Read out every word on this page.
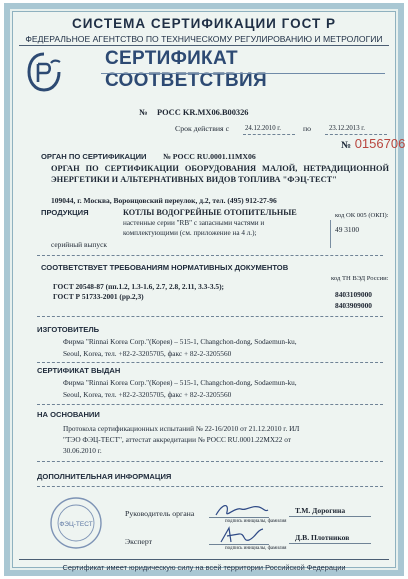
СИСТЕМА СЕРТИФИКАЦИИ ГОСТ Р
ФЕДЕРАЛЬНОЕ АГЕНТСТВО ПО ТЕХНИЧЕСКОМУ РЕГУЛИРОВАНИЮ И МЕТРОЛОГИИ
СЕРТИФИКАТ СООТВЕТСТВИЯ
№ РОСС KR.МХ06.В00326
Срок действия с 24.12.2010 г.	по	23.12.2013 г.
№ 0156706
ОРГАН ПО СЕРТИФИКАЦИИ № РОСС RU.0001.11МХ06
ОРГАН ПО СЕРТИФИКАЦИИ ОБОРУДОВАНИЯ МАЛОЙ, НЕТРАДИЦИОННОЙ ЭНЕРГЕТИКИ И АЛЬТЕРНАТИВНЫХ ВИДОВ ТОПЛИВА "ФЭЦ-ТЕСТ"
109044, г. Москва, Воронцовский переулок, д.2, тел. (495) 912-27-96
ПРОДУКЦИЯ	КОТЛЫ ВОДОГРЕЙНЫЕ ОТОПИТЕЛЬНЫЕ
настенные серии "RB" с запасными частями и комплектующими (см. приложение на 4 л.);
серийный выпуск
код ОК 005 (ОКП):
49 3100
СООТВЕТСТВУЕТ ТРЕБОВАНИЯМ НОРМАТИВНЫХ ДОКУМЕНТОВ
код ТН ВЭД России:
ГОСТ 20548-87 (пп.1.2, 1.3-1.6, 2.7, 2.8, 2.11, 3.3-3.5);
ГОСТ Р 51733-2001 (рр.2,3)	8403109000
8403909000
ИЗГОТОВИТЕЛЬ
Фирма "Rinnai Korea Corp."(Корея) – 515-1, Changchon-dong, Sodaemun-ku,
Seoul, Korea, тел. +82-2-3205705, факс + 82-2-3205560
СЕРТИФИКАТ ВЫДАН
Фирма "Rinnai Korea Corp."(Корея) – 515-1, Changchon-dong, Sodaemun-ku,
Seoul, Korea, тел. +82-2-3205705, факс + 82-2-3205560
НА ОСНОВАНИИ
Протокола сертификационных испытаний № 22-16/2010 от 21.12.2010 г. ИЛ
"ТЭО ФЭЦ-ТЕСТ", аттестат аккредитации № РОСС RU.0001.22МХ22 от
30.06.2010 г.
ДОПОЛНИТЕЛЬНАЯ ИНФОРМАЦИЯ
ФЭЦ-ТЕСТ
Руководитель органа	Т.М. Дорогина
подпись инициалы, фамилия
Эксперт	Д.В. Плотников
подпись инициалы, фамилия
Сертификат имеет юридическую силу на всей территории Российской Федерации
